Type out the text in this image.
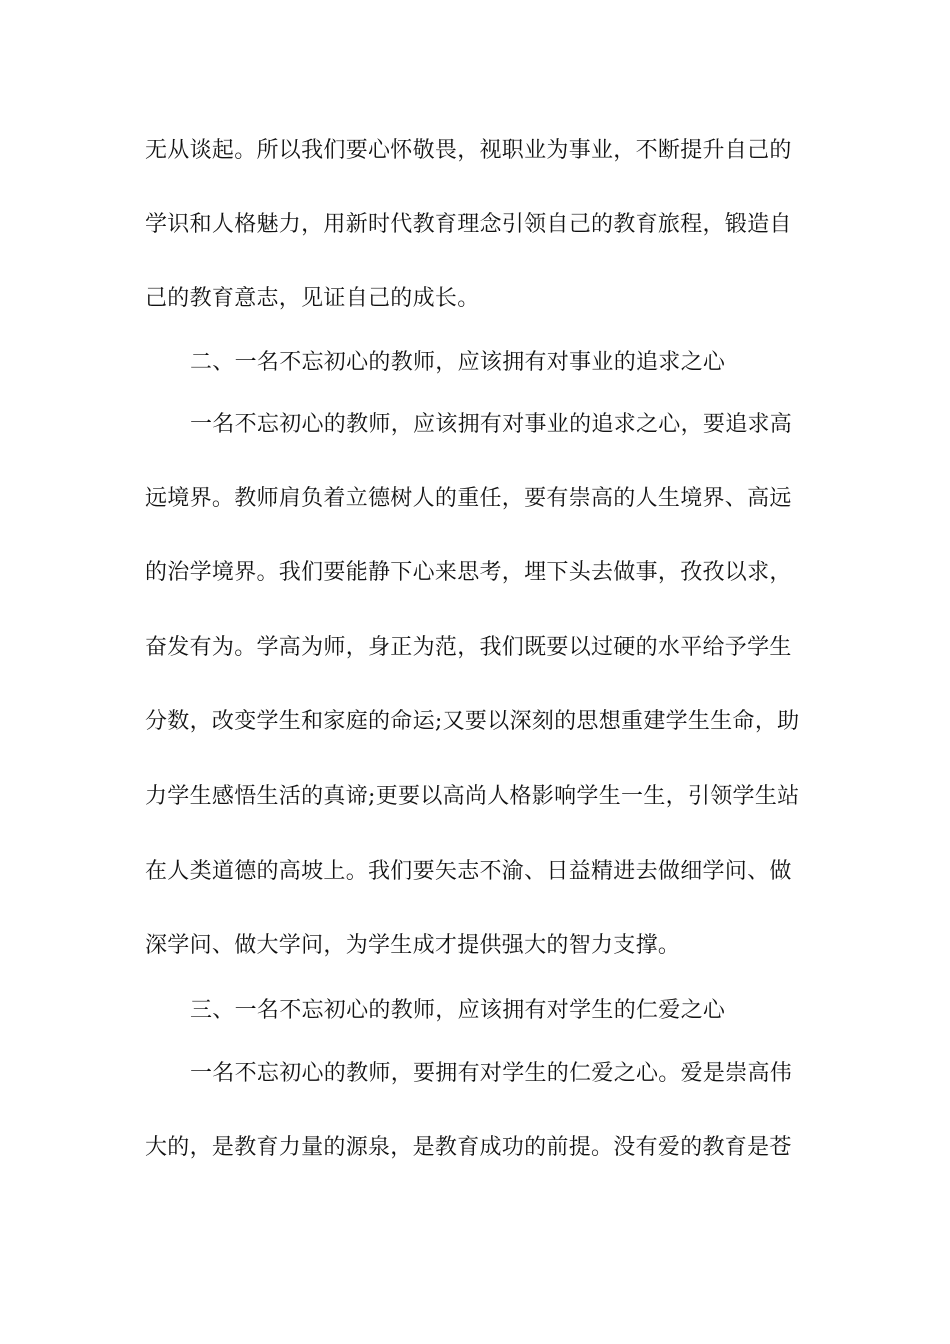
无从谈起。所以我们要心怀敬畏，视职业为事业，不断提升自己的
学识和人格魅力，用新时代教育理念引领自己的教育旅程，锻造自
己的教育意志，见证自己的成长。
二、一名不忘初心的教师，应该拥有对事业的追求之心
一名不忘初心的教师，应该拥有对事业的追求之心，要追求高
远境界。教师肩负着立德树人的重任，要有崇高的人生境界、高远
的治学境界。我们要能静下心来思考，埋下头去做事，孜孜以求，
奋发有为。学高为师，身正为范，我们既要以过硬的水平给予学生
分数，改变学生和家庭的命运;又要以深刻的思想重建学生生命，助
力学生感悟生活的真谛;更要以高尚人格影响学生一生，引领学生站
在人类道德的高坡上。我们要矢志不渝、日益精进去做细学问、做
深学问、做大学问，为学生成才提供强大的智力支撑。
三、一名不忘初心的教师，应该拥有对学生的仁爱之心
一名不忘初心的教师，要拥有对学生的仁爱之心。爱是崇高伟
大的，是教育力量的源泉，是教育成功的前提。没有爱的教育是苍
